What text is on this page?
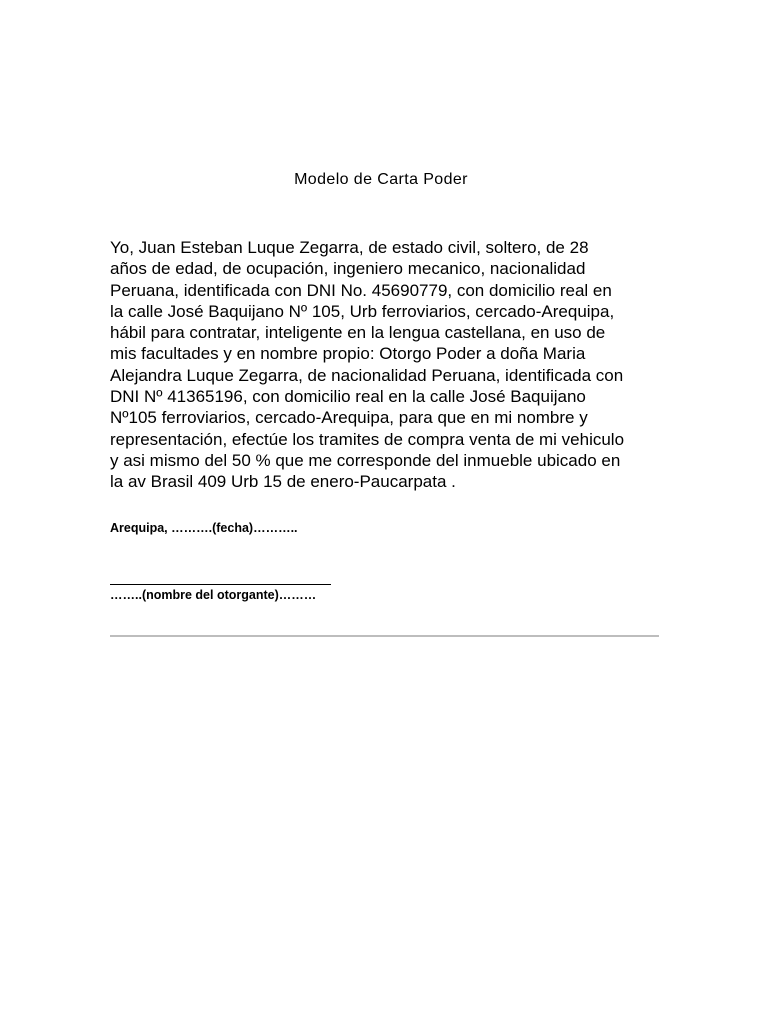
Modelo de Carta Poder
Yo, Juan Esteban Luque Zegarra, de estado civil, soltero, de 28
años de edad, de ocupación, ingeniero mecanico, nacionalidad
Peruana, identificada con DNI No. 45690779, con domicilio real en
la calle José Baquijano Nº 105, Urb ferroviarios, cercado-Arequipa,
hábil para contratar, inteligente en la lengua castellana, en uso de
mis facultades y en nombre propio: Otorgo Poder a doña Maria
Alejandra Luque Zegarra, de nacionalidad Peruana, identificada con
DNI Nº 41365196, con domicilio real en la calle José Baquijano
Nº105 ferroviarios, cercado-Arequipa, para que en mi nombre y
representación, efectúe los tramites de compra venta de mi vehiculo
y asi mismo del 50 % que me corresponde del inmueble ubicado en
la av Brasil 409 Urb 15 de enero-Paucarpata .
Arequipa, ……….(fecha)………..
……..(nombre del otorgante)………
